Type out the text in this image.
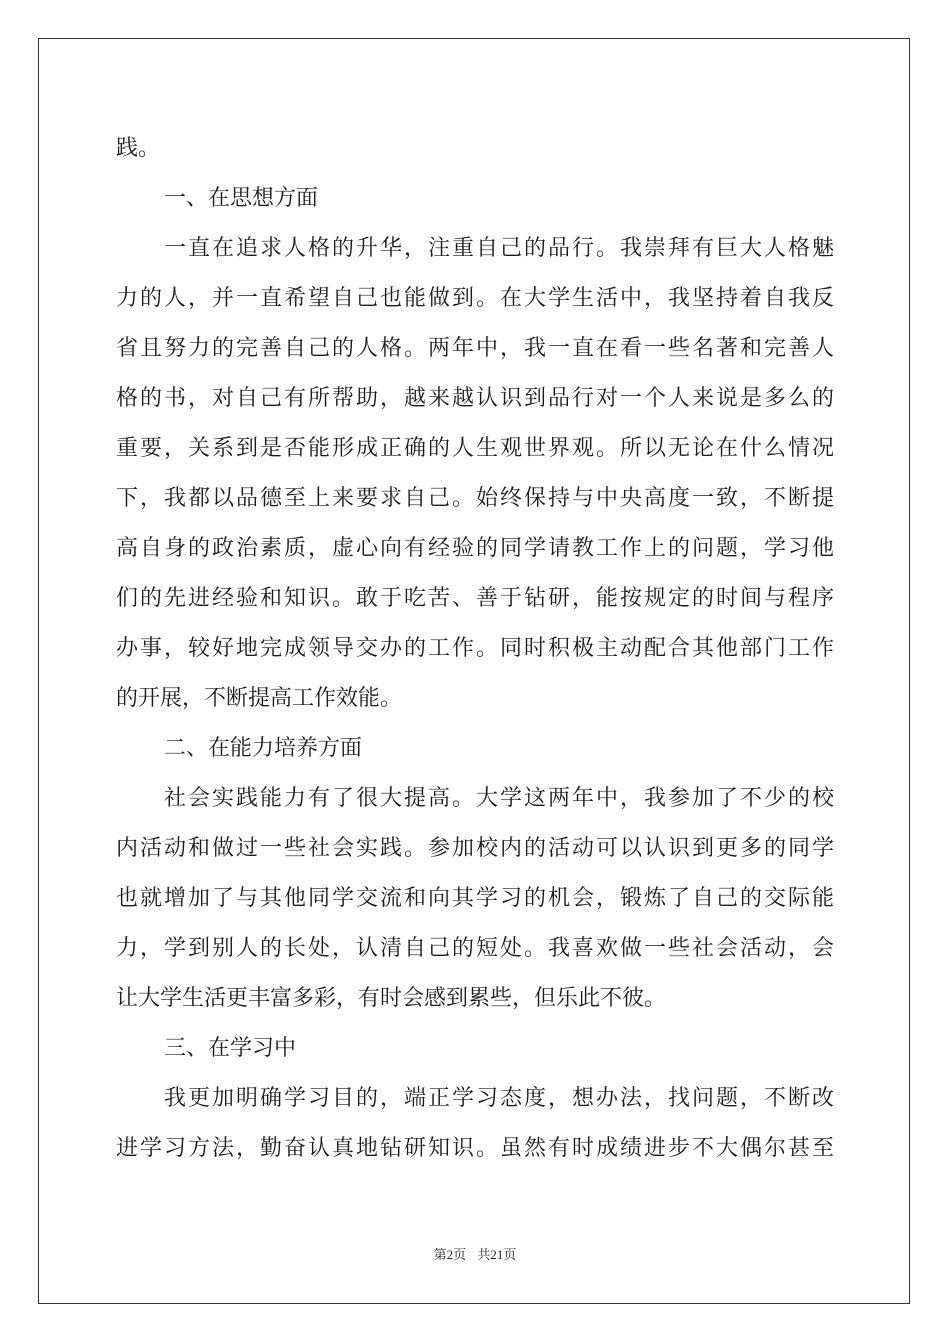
践。
一、在思想方面
一直在追求人格的升华，注重自己的品行。我崇拜有巨大人格魅
力的人，并一直希望自己也能做到。在大学生活中，我坚持着自我反
省且努力的完善自己的人格。两年中，我一直在看一些名著和完善人
格的书，对自己有所帮助，越来越认识到品行对一个人来说是多么的
重要，关系到是否能形成正确的人生观世界观。所以无论在什么情况
下，我都以品德至上来要求自己。始终保持与中央高度一致，不断提
高自身的政治素质，虚心向有经验的同学请教工作上的问题，学习他
们的先进经验和知识。敢于吃苦、善于钻研，能按规定的时间与程序
办事，较好地完成领导交办的工作。同时积极主动配合其他部门工作
的开展，不断提高工作效能。
二、在能力培养方面
社会实践能力有了很大提高。大学这两年中，我参加了不少的校
内活动和做过一些社会实践。参加校内的活动可以认识到更多的同学
也就增加了与其他同学交流和向其学习的机会，锻炼了自己的交际能
力，学到别人的长处，认清自己的短处。我喜欢做一些社会活动，会
让大学生活更丰富多彩，有时会感到累些，但乐此不彼。
三、在学习中
我更加明确学习目的，端正学习态度，想办法，找问题，不断改
进学习方法，勤奋认真地钻研知识。虽然有时成绩进步不大偶尔甚至
第2页 共21页
